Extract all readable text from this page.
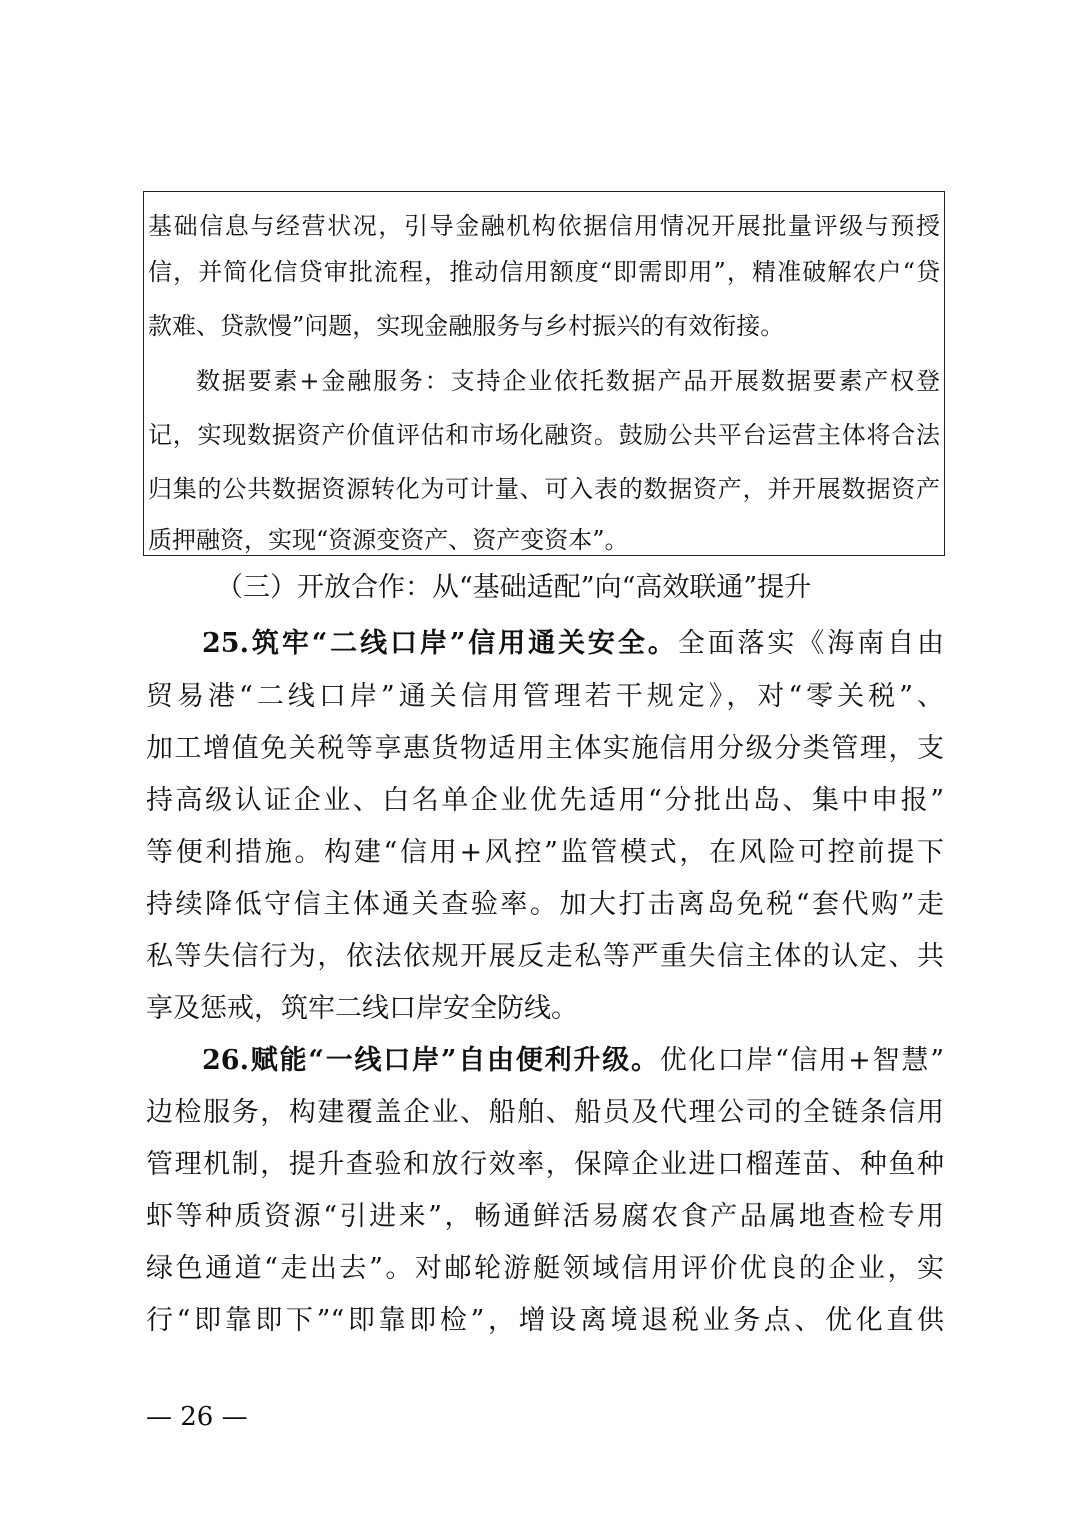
基础信息与经营状况，引导金融机构依据信用情况开展批量评级与预授
信，并简化信贷审批流程，推动信用额度“即需即用”，精准破解农户“贷
款难、贷款慢”问题，实现金融服务与乡村振兴的有效衔接。
数据要素+金融服务：支持企业依托数据产品开展数据要素产权登
记，实现数据资产价值评估和市场化融资。鼓励公共平台运营主体将合法
归集的公共数据资源转化为可计量、可入表的数据资产，并开展数据资产
质押融资，实现“资源变资产、资产变资本”。
（三）开放合作：从“基础适配”向“高效联通”提升
25.筑牢“二线口岸”信用通关安全。全面落实《海南自由
贸易港“二线口岸”通关信用管理若干规定》，对“零关税”、
加工增值免关税等享惠货物适用主体实施信用分级分类管理，支
持高级认证企业、白名单企业优先适用“分批出岛、集中申报”
等便利措施。构建“信用+风控”监管模式，在风险可控前提下
持续降低守信主体通关查验率。加大打击离岛免税“套代购”走
私等失信行为，依法依规开展反走私等严重失信主体的认定、共
享及惩戒，筑牢二线口岸安全防线。
26.赋能“一线口岸”自由便利升级。优化口岸“信用+智慧”
边检服务，构建覆盖企业、船舶、船员及代理公司的全链条信用
管理机制，提升查验和放行效率，保障企业进口榴莲苗、种鱼种
虾等种质资源“引进来”，畅通鲜活易腐农食产品属地查检专用
绿色通道“走出去”。对邮轮游艇领域信用评价优良的企业，实
行“即靠即下”“即靠即检”，增设离境退税业务点、优化直供
— 26 —
